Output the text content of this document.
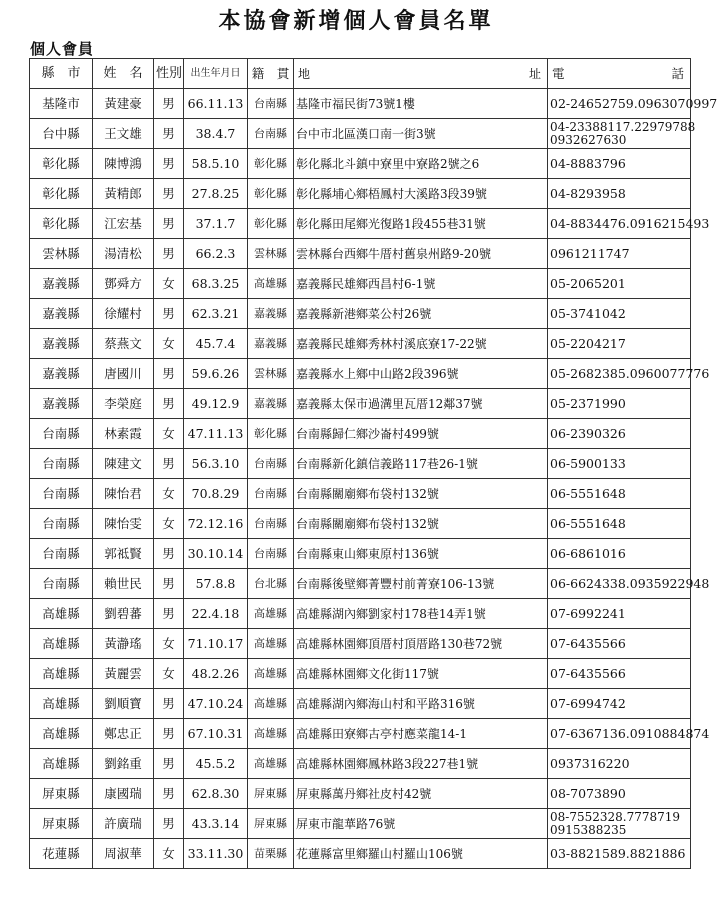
本協會新增個人會員名單
個人會員
縣　市	姓　名	性別	出生年月日	籍　貫	地 址	電 話

基隆市	黃建豪	男	66.11.13	台南縣	基隆市福民街73號1樓	02-24652759.0963070997

台中縣	王文雄	男	38.4.7	台南縣	台中市北區漢口南一街3號	04-23388117.22979788
0932627630

彰化縣	陳博鴻	男	58.5.10	彰化縣	彰化縣北斗鎮中寮里中寮路2號之6	04-8883796

彰化縣	黃精郎	男	27.8.25	彰化縣	彰化縣埔心鄉梧鳳村大溪路3段39號	04-8293958

彰化縣	江宏基	男	37.1.7	彰化縣	彰化縣田尾鄉光復路1段455巷31號	04-8834476.0916215493

雲林縣	湯清松	男	66.2.3	雲林縣	雲林縣台西鄉牛厝村舊泉州路9-20號	0961211747

嘉義縣	鄧舜方	女	68.3.25	高雄縣	嘉義縣民雄鄉西昌村6-1號	05-2065201

嘉義縣	徐耀村	男	62.3.21	嘉義縣	嘉義縣新港鄉菜公村26號	05-3741042

嘉義縣	蔡燕文	女	45.7.4	嘉義縣	嘉義縣民雄鄉秀林村溪底寮17-22號	05-2204217

嘉義縣	唐國川	男	59.6.26	雲林縣	嘉義縣水上鄉中山路2段396號	05-2682385.0960077776

嘉義縣	李榮庭	男	49.12.9	嘉義縣	嘉義縣太保市過溝里瓦厝12鄰37號	05-2371990

台南縣	林素霞	女	47.11.13	彰化縣	台南縣歸仁鄉沙崙村499號	06-2390326

台南縣	陳建文	男	56.3.10	台南縣	台南縣新化鎮信義路117巷26-1號	06-5900133

台南縣	陳怡君	女	70.8.29	台南縣	台南縣關廟鄉布袋村132號	06-5551648

台南縣	陳怡雯	女	72.12.16	台南縣	台南縣關廟鄉布袋村132號	06-5551648

台南縣	郭祗賢	男	30.10.14	台南縣	台南縣東山鄉東原村136號	06-6861016

台南縣	賴世民	男	57.8.8	台北縣	台南縣後壁鄉菁豐村前菁寮106-13號	06-6624338.0935922948

高雄縣	劉碧蕃	男	22.4.18	高雄縣	高雄縣湖內鄉劉家村178巷14弄1號	07-6992241

高雄縣	黃瀞瑤	女	71.10.17	高雄縣	高雄縣林園鄉頂厝村頂厝路130巷72號	07-6435566

高雄縣	黃麗雲	女	48.2.26	高雄縣	高雄縣林園鄉文化街117號	07-6435566

高雄縣	劉順寶	男	47.10.24	高雄縣	高雄縣湖內鄉海山村和平路316號	07-6994742

高雄縣	鄭忠正	男	67.10.31	高雄縣	高雄縣田寮鄉古亭村應菜龍14-1	07-6367136.0910884874

高雄縣	劉銘重	男	45.5.2	高雄縣	高雄縣林園鄉鳳林路3段227巷1號	0937316220

屏東縣	康國瑞	男	62.8.30	屏東縣	屏東縣萬丹鄉社皮村42號	08-7073890

屏東縣	許廣瑞	男	43.3.14	屏東縣	屏東市龍華路76號	08-7552328.7778719
0915388235

花蓮縣	周淑華	女	33.11.30	苗栗縣	花蓮縣富里鄉羅山村羅山106號	03-8821589.8821886
